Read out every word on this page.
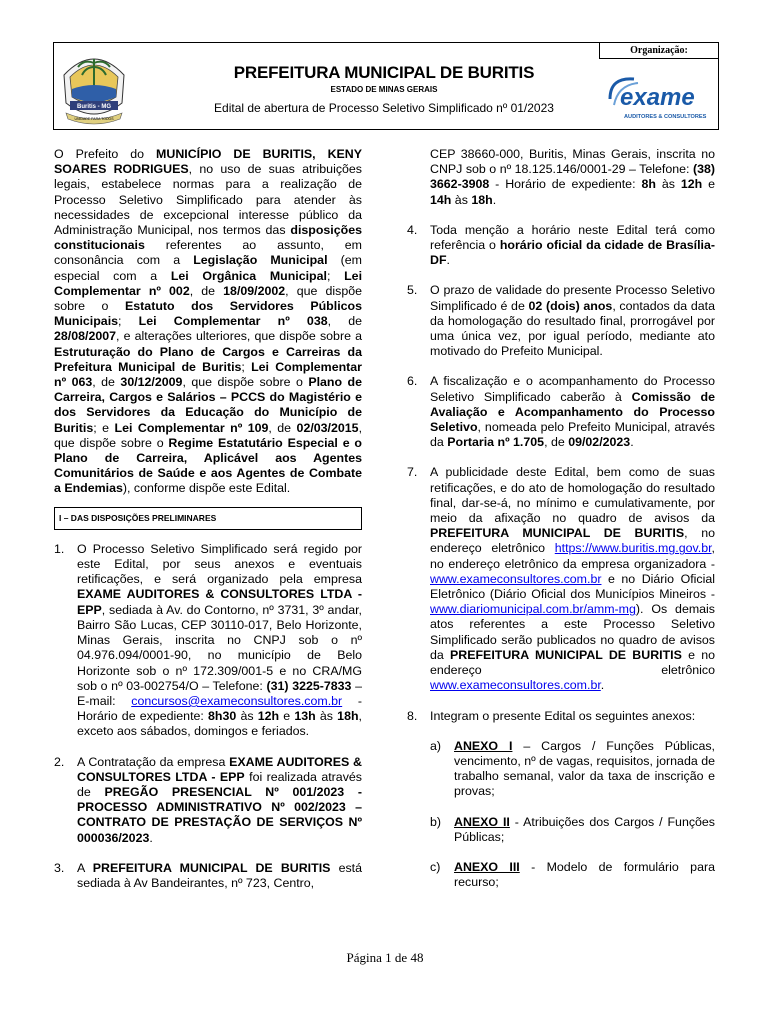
Organização:
Buritis - MG
UNIDADE PARA TODOS
PREFEITURA MUNICIPAL DE BURITIS
ESTADO DE MINAS GERAIS
Edital de abertura de Processo Seletivo Simplificado nº 01/2023	exame
AUDITORES & CONSULTORES

O Prefeito do MUNICÍPIO DE BURITIS, KENY SOARES RODRIGUES, no uso de suas atribuições legais, estabelece normas para a realização de Processo Seletivo Simplificado para atender às necessidades de excepcional interesse público da Administração Municipal, nos termos das disposições constitucionais referentes ao assunto, em consonância com a Legislação Municipal (em especial com a Lei Orgânica Municipal; Lei Complementar nº 002, de 18/09/2002, que dispõe sobre o Estatuto dos Servidores Públicos Municipais; Lei Complementar nº 038, de 28/08/2007, e alterações ulteriores, que dispõe sobre a Estruturação do Plano de Cargos e Carreiras da Prefeitura Municipal de Buritis; Lei Complementar nº 063, de 30/12/2009, que dispõe sobre o Plano de Carreira, Cargos e Salários – PCCS do Magistério e dos Servidores da Educação do Município de Buritis; e Lei Complementar nº 109, de 02/03/2015, que dispõe sobre o Regime Estatutário Especial e o Plano de Carreira, Aplicável aos Agentes Comunitários de Saúde e aos Agentes de Combate a Endemias), conforme dispõe este Edital.

I – DAS DISPOSIÇÕES PRELIMINARES
1.	O Processo Seletivo Simplificado será regido por este Edital, por seus anexos e eventuais retificações, e será organizado pela empresa EXAME AUDITORES & CONSULTORES LTDA - EPP, sediada à Av. do Contorno, nº 3731, 3º andar, Bairro São Lucas, CEP 30110-017, Belo Horizonte, Minas Gerais, inscrita no CNPJ sob o nº 04.976.094/0001-90, no município de Belo Horizonte sob o nº 172.309/001-5 e no CRA/MG sob o nº 03-002754/O – Telefone: (31) 3225-7833 – E-mail: concursos@exameconsultores.com.br - Horário de expediente: 8h30 às 12h e 13h às 18h, exceto aos sábados, domingos e feriados.
2.	A Contratação da empresa EXAME AUDITORES & CONSULTORES LTDA - EPP foi realizada através de PREGÃO PRESENCIAL Nº 001/2023 - PROCESSO ADMINISTRATIVO Nº 002/2023 – CONTRATO DE PRESTAÇÃO DE SERVIÇOS Nº 000036/2023.
3.	A PREFEITURA MUNICIPAL DE BURITIS está sediada à Av Bandeirantes, nº 723, Centro,

CEP 38660-000, Buritis, Minas Gerais, inscrita no CNPJ sob o nº 18.125.146/0001-29 – Telefone: (38) 3662-3908 - Horário de expediente: 8h às 12h e 14h às 18h.

4.	Toda menção a horário neste Edital terá como referência o horário oficial da cidade de Brasília-DF.
5.	O prazo de validade do presente Processo Seletivo Simplificado é de 02 (dois) anos, contados da data da homologação do resultado final, prorrogável por uma única vez, por igual período, mediante ato motivado do Prefeito Municipal.
6.	A fiscalização e o acompanhamento do Processo Seletivo Simplificado caberão à Comissão de Avaliação e Acompanhamento do Processo Seletivo, nomeada pelo Prefeito Municipal, através da Portaria nº 1.705, de 09/02/2023.
7.	A publicidade deste Edital, bem como de suas retificações, e do ato de homologação do resultado final, dar-se-á, no mínimo e cumulativamente, por meio da afixação no quadro de avisos da PREFEITURA MUNICIPAL DE BURITIS, no endereço eletrônico https://www.buritis.mg.gov.br, no endereço eletrônico da empresa organizadora - www.exameconsultores.com.br e no Diário Oficial Eletrônico (Diário Oficial dos Municípios Mineiros - www.diariomunicipal.com.br/amm-mg). Os demais atos referentes a este Processo Seletivo Simplificado serão publicados no quadro de avisos da PREFEITURA MUNICIPAL DE BURITIS e no endereço eletrônico www.exameconsultores.com.br.
8.	Integram o presente Edital os seguintes anexos:
a)	ANEXO I – Cargos / Funções Públicas, vencimento, nº de vagas, requisitos, jornada de trabalho semanal, valor da taxa de inscrição e provas;
b)	ANEXO II - Atribuições dos Cargos / Funções Públicas;
c)	ANEXO III - Modelo de formulário para recurso;
Página 1 de 48
